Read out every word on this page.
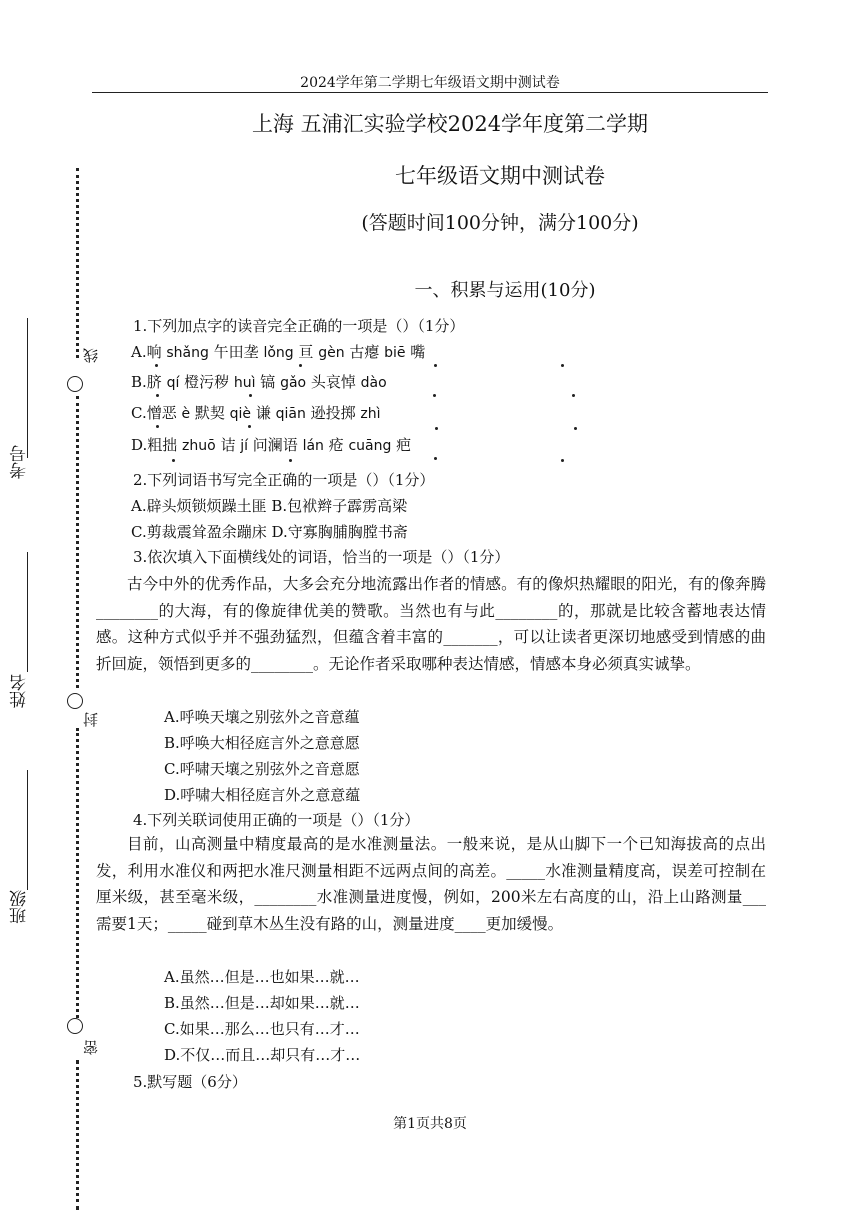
2024学年第二学期七年级语文期中测试卷
上海 五浦汇实验学校2024学年度第二学期
七年级语文期中测试卷
(答题时间100分钟，满分100分)
一、积累与运用(10分)
1.下列加点字的读音完全正确的一项是（）（1分）
A.响 shǎng 午田垄 lǒng 亘 gèn 古瘪 biē 嘴
B.脐 qí 橙污秽 huì 镐 gǎo 头哀悼 dào
C.憎恶 è 默契 qiè 谦 qiān 逊投掷 zhì
D.粗拙 zhuō 诘 jí 问澜语 lán 疮 cuāng 疤
2.下列词语书写完全正确的一项是（）（1分）
A.辟头烦锁烦躁土匪 B.包袱辫子霹雳高梁
C.剪裁震耸盈余蹦床 D.守寡胸脯胸膛书斋
3.依次填入下面横线处的词语，恰当的一项是（）（1分）
古今中外的优秀作品，大多会充分地流露出作者的情感。有的像炽热耀眼的阳光，有的像奔腾________的大海，有的像旋律优美的赞歌。当然也有与此________的，那就是比较含蓄地表达情感。这种方式似乎并不强劲猛烈，但蕴含着丰富的_______，可以让读者更深切地感受到情感的曲折回旋，领悟到更多的________。无论作者采取哪种表达情感，情感本身必须真实诚挚。
A.呼唤天壤之别弦外之音意蕴
B.呼唤大相径庭言外之意意愿
C.呼啸天壤之别弦外之音意愿
D.呼啸大相径庭言外之意意蕴
4.下列关联词使用正确的一项是（）（1分）
目前，山高测量中精度最高的是水准测量法。一般来说，是从山脚下一个已知海拔高的点出发，利用水准仪和两把水准尺测量相距不远两点间的高差。_____水准测量精度高，误差可控制在厘米级，甚至毫米级，________水准测量进度慢，例如，200米左右高度的山，沿上山路测量___需要1天；_____碰到草木丛生没有路的山，测量进度____更加缓慢。
A.虽然…但是…也如果…就…
B.虽然…但是…却如果…就…
C.如果…那么…也只有…才…
D.不仅…而且…却只有…才…
5.默写题（6分）
第1页共8页
线
封
密
考号
姓名
班级
